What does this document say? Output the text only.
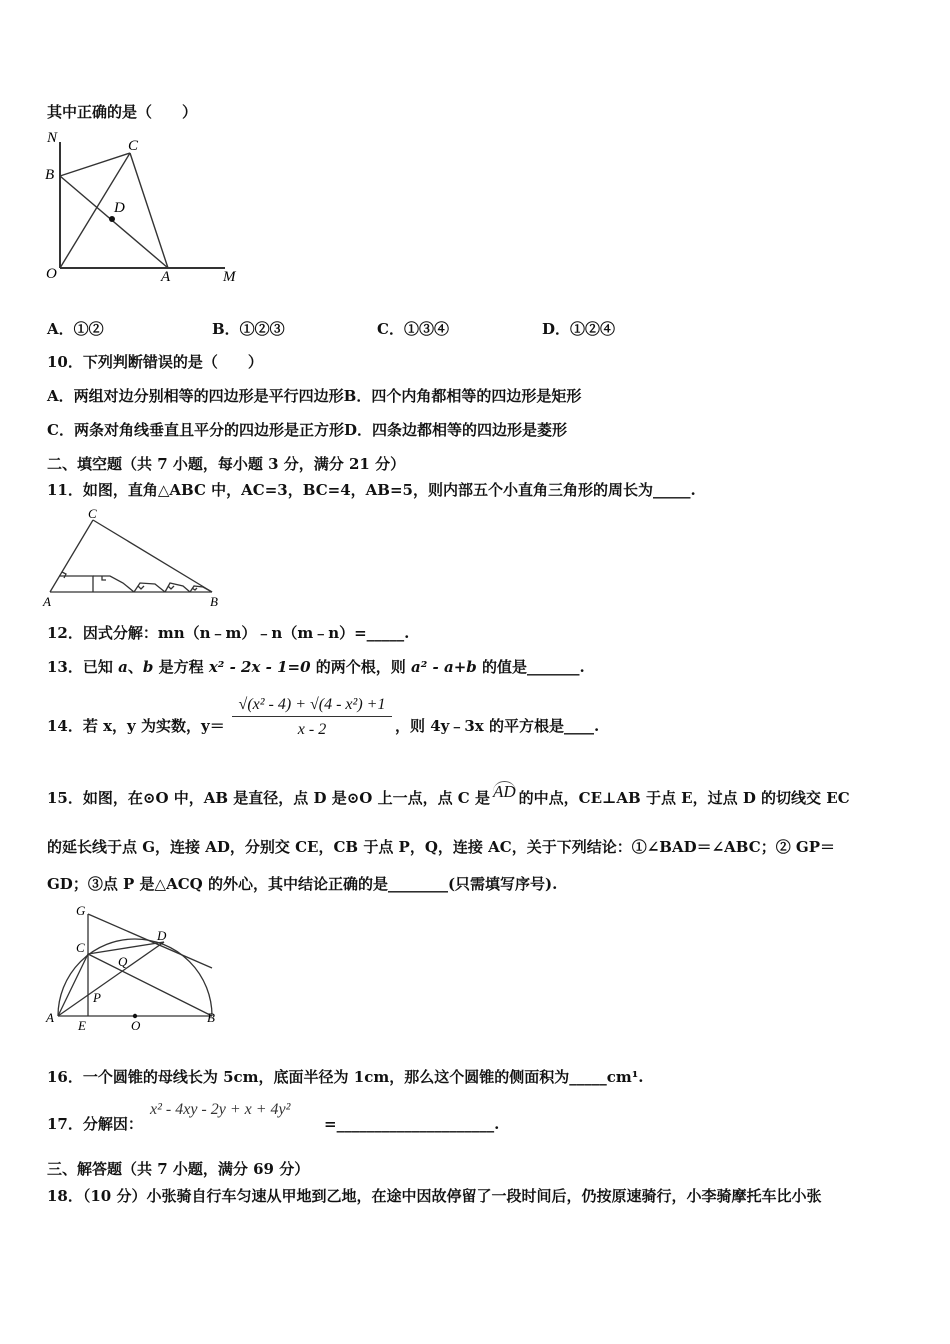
其中正确的是（　　）
N	C
B
D
O	A	M
A．①②	B．①②③	C．①③④	D．①②④
10．下列判断错误的是（　　）
A．两组对边分别相等的四边形是平行四边形B．四个内角都相等的四边形是矩形
C．两条对角线垂直且平分的四边形是正方形D．四条边都相等的四边形是菱形
二、填空题（共 7 小题，每小题 3 分，满分 21 分）
11．如图，直角△ABC 中，AC=3，BC=4，AB=5，则内部五个小直角三角形的周长为_____.
C
A	B
12．因式分解：mn（n﹣m）﹣n（m﹣n）=_____.
13．已知 a、b 是方程 x² - 2x - 1=0 的两个根，则 a² - a+b 的值是_______.
14．若 x，y 为实数，$y= \frac{\text{√(x² - 4) + √(4 - x²) +1}}{x - 2}$ ，则 4y﹣3x 的平方根是____.
15．如图，在⊙O 中，AB 是直径，点 D 是⊙O 上一点，点 C 是 AD 的中点，CE⊥AB 于点 E，过点 D 的切线交 EC
的延长线于点 G，连接 AD，分别交 CE，CB 于点 P，Q，连接 AC，关于下列结论：①∠BAD＝∠ABC；② GP＝
GD；③点 P 是△ACQ 的外心，其中结论正确的是________(只需填写序号).
G
C
D
Q
P
A
E	O
B
16．一个圆锥的母线长为 5cm，底面半径为 1cm，那么这个圆锥的侧面积为_____cm¹.
17．分解因：
x² - 4xy - 2y + x + 4y²
=_____________________.
三、解答题（共 7 小题，满分 69 分）
18．（10 分）小张骑自行车匀速从甲地到乙地，在途中因故停留了一段时间后，仍按原速骑行，小李骑摩托车比小张
